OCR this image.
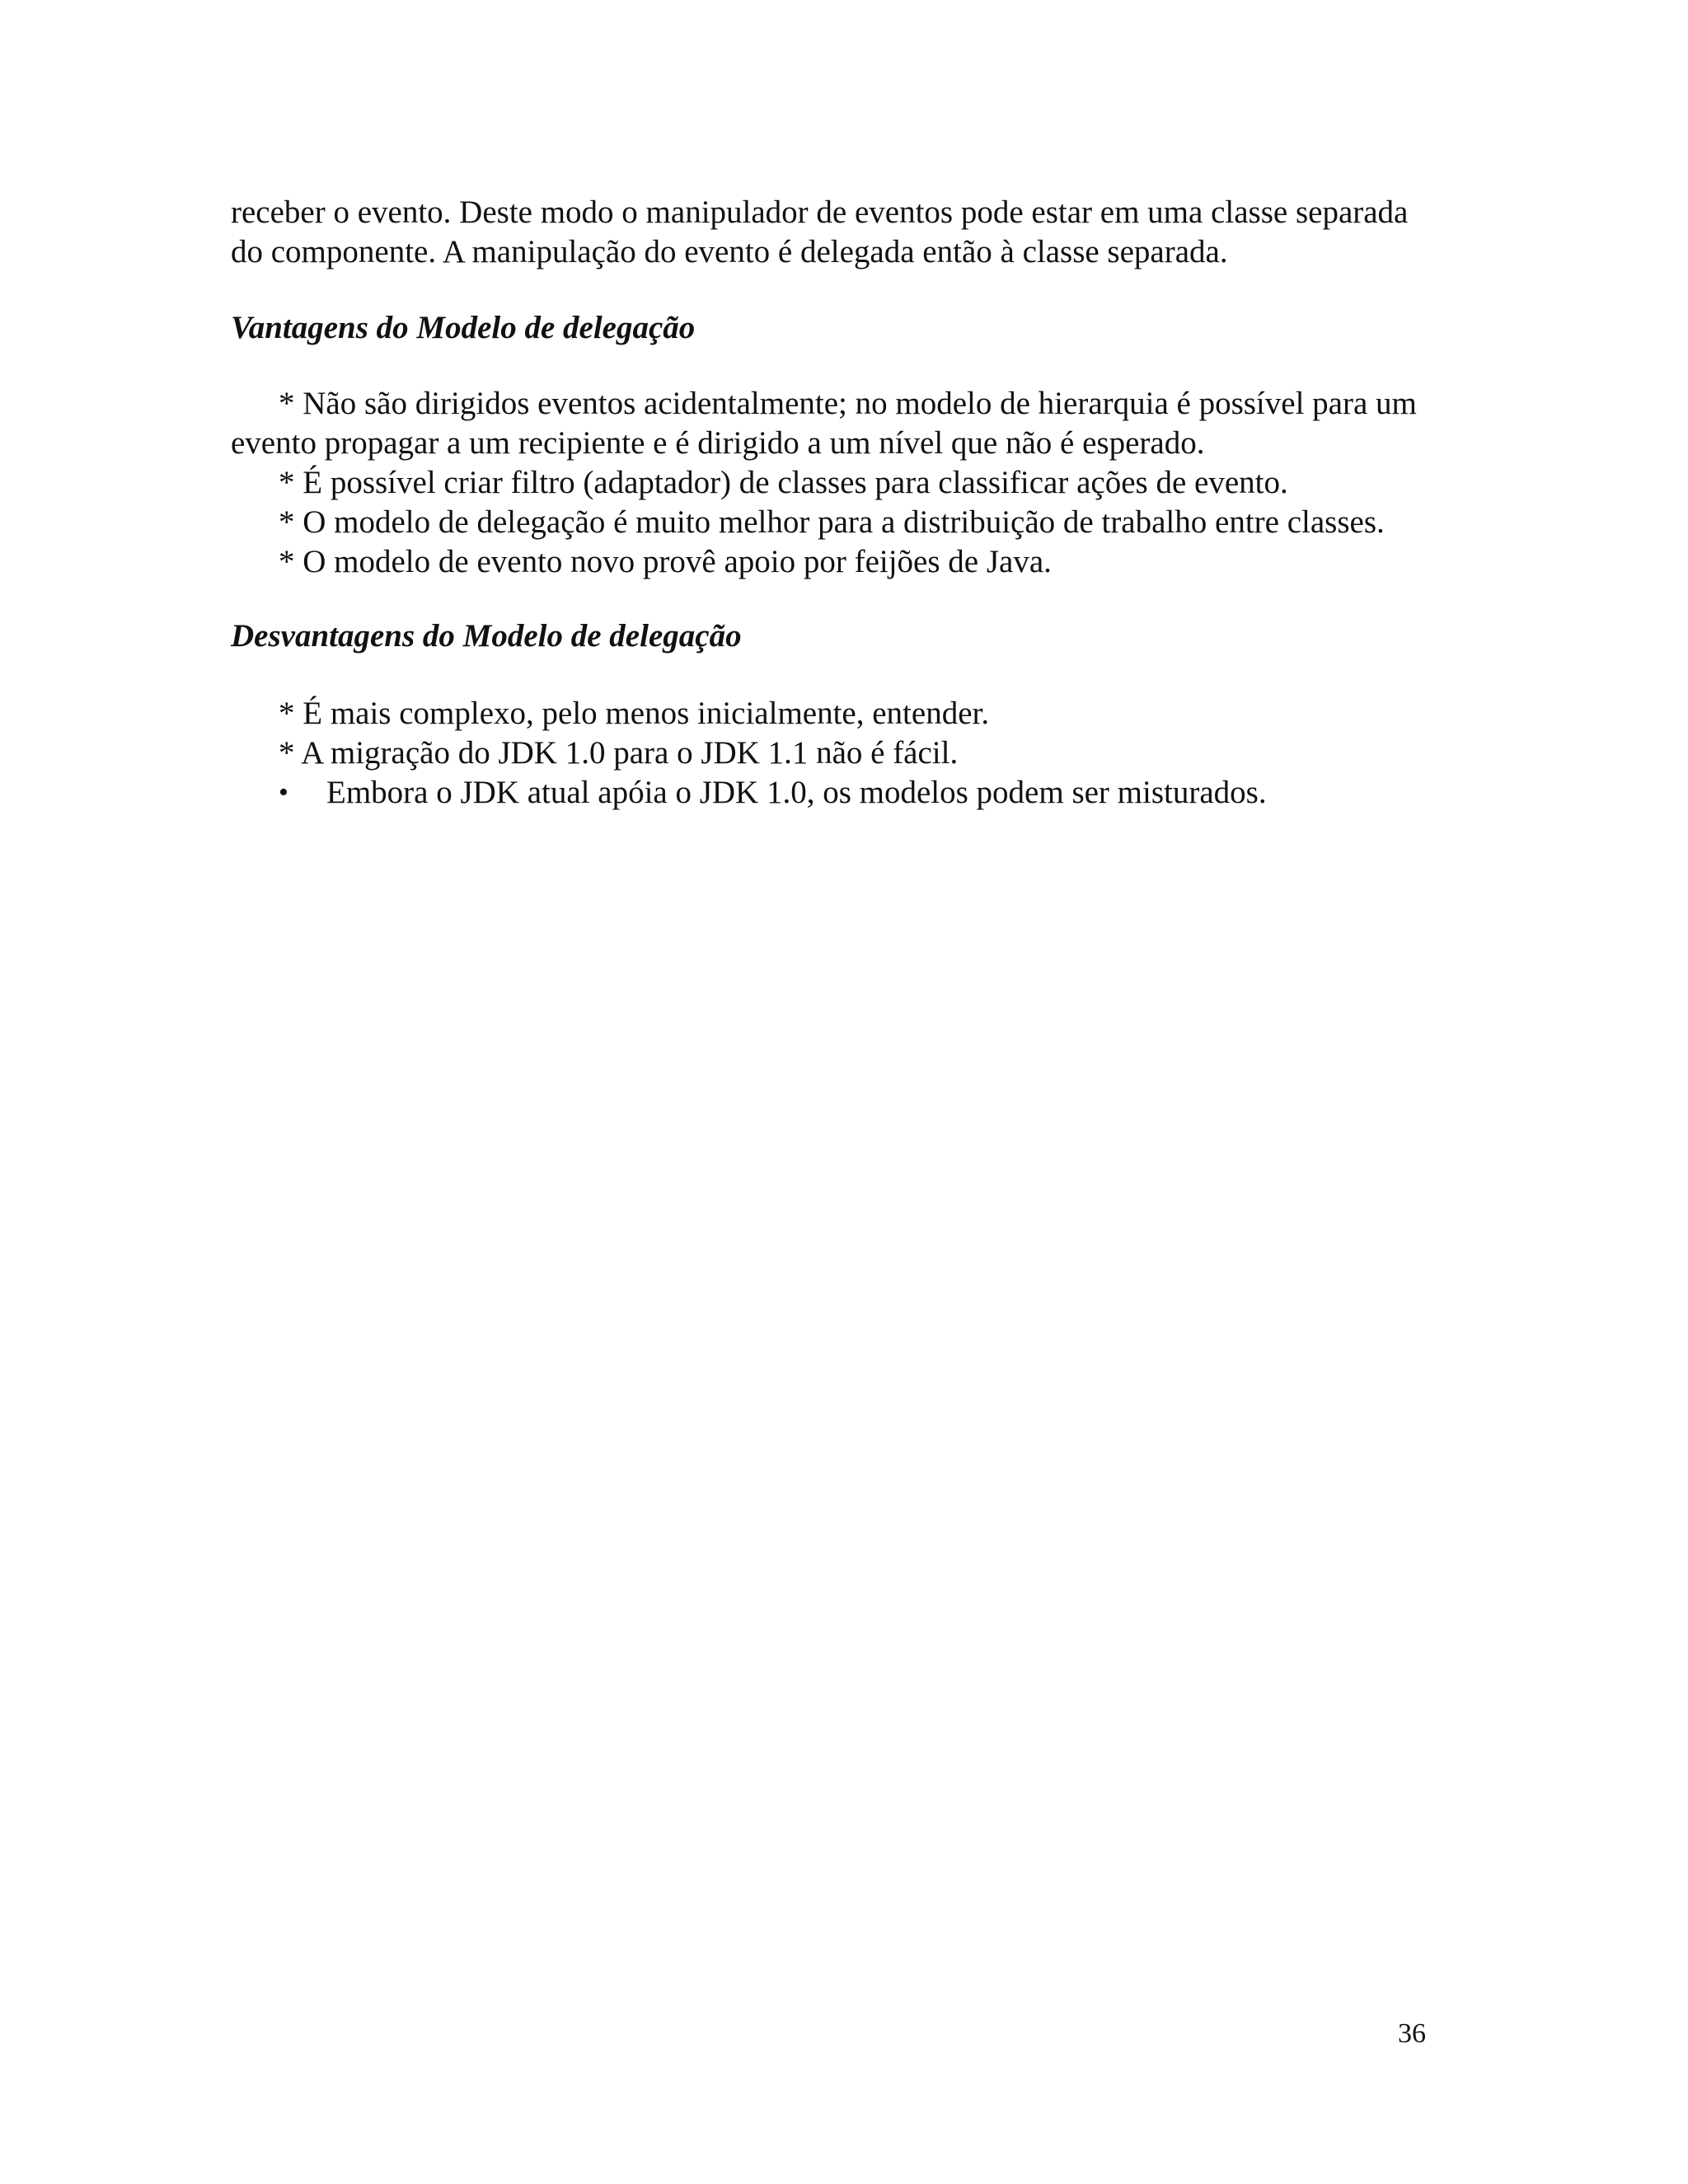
receber o evento. Deste modo o manipulador de eventos pode estar em uma classe separada
do componente. A manipulação do evento é delegada então à classe separada.
Vantagens do Modelo de delegação
* Não são dirigidos eventos acidentalmente; no modelo de hierarquia é possível para um
evento propagar a um recipiente e é dirigido a um nível que não é esperado.
* É possível criar filtro (adaptador) de classes para classificar ações de evento.
* O modelo de delegação é muito melhor para a distribuição de trabalho entre classes.
* O modelo de evento novo provê apoio por feijões de Java.
Desvantagens do Modelo de delegação
* É mais complexo, pelo menos inicialmente, entender.
* A migração do JDK 1.0 para o JDK 1.1 não é fácil.
• Embora o JDK atual apóia o JDK 1.0, os modelos podem ser misturados.
36
